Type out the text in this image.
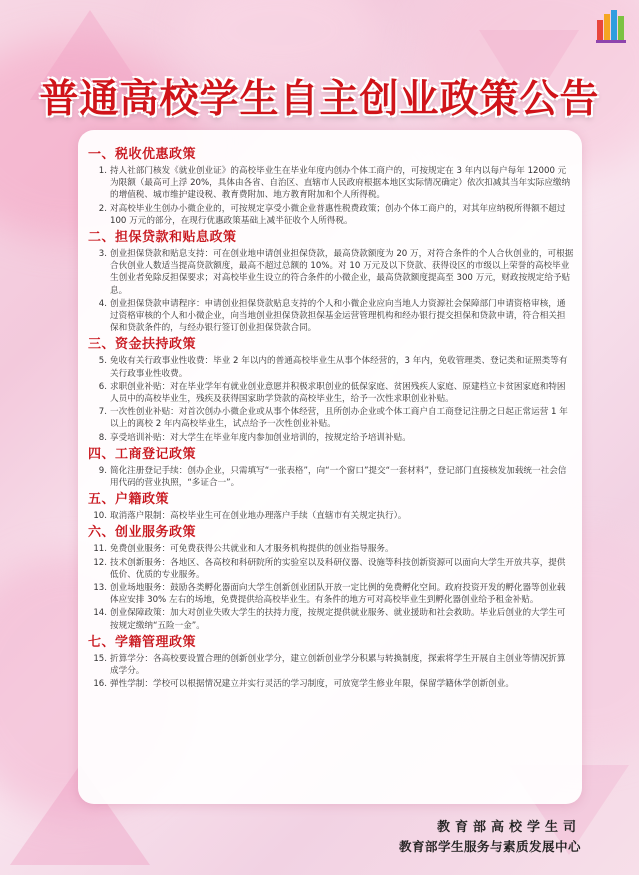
普通高校学生自主创业政策公告
一、税收优惠政策
1. 持人社部门核发《就业创业证》的高校毕业生在毕业年度内创办个体工商户的，可按规定在 3 年内以每户每年 12000 元为限额（最高可上浮 20%，具体由各省、自治区、直辖市人民政府根据本地区实际情况确定）依次扣减其当年实际应缴纳的增值税、城市维护建设税、教育费附加、地方教育附加和个人所得税。
2. 对高校毕业生创办小微企业的，可按规定享受小微企业普惠性税费政策；创办个体工商户的，对其年应纳税所得额不超过 100 万元的部分，在现行优惠政策基础上减半征收个人所得税。
二、担保贷款和贴息政策
3. 创业担保贷款和贴息支持：可在创业地申请创业担保贷款，最高贷款额度为 20 万，对符合条件的个人合伙创业的，可根据合伙创业人数适当提高贷款额度，最高不超过总额的 10%。对 10 万元及以下贷款、获得设区的市级以上荣誉的高校毕业生创业者免除反担保要求；对高校毕业生设立的符合条件的小微企业，最高贷款额度提高至 300 万元，财政按规定给予贴息。
4. 创业担保贷款申请程序：申请创业担保贷款贴息支持的个人和小微企业应向当地人力资源社会保障部门申请资格审核，通过资格审核的个人和小微企业，向当地创业担保贷款担保基金运营管理机构和经办银行提交担保和贷款申请，符合相关担保和贷款条件的，与经办银行签订创业担保贷款合同。
三、资金扶持政策
5. 免收有关行政事业性收费：毕业 2 年以内的普通高校毕业生从事个体经营的，3 年内，免收管理类、登记类和证照类等有关行政事业性收费。
6. 求职创业补贴：对在毕业学年有就业创业意愿并积极求职创业的低保家庭、贫困残疾人家庭、原建档立卡贫困家庭和特困人员中的高校毕业生，残疾及获得国家助学贷款的高校毕业生，给予一次性求职创业补贴。
7. 一次性创业补贴：对首次创办小微企业或从事个体经营，且所创办企业或个体工商户自工商登记注册之日起正常运营 1 年以上的离校 2 年内高校毕业生，试点给予一次性创业补贴。
8. 享受培训补贴：对大学生在毕业年度内参加创业培训的，按规定给予培训补贴。
四、工商登记政策
9. 简化注册登记手续：创办企业，只需填写“一张表格”，向“一个窗口”提交“一套材料”，登记部门直接核发加载统一社会信用代码的营业执照，“多证合一”。
五、户籍政策
10. 取消落户限制：高校毕业生可在创业地办理落户手续（直辖市有关规定执行）。
六、创业服务政策
11. 免费创业服务：可免费获得公共就业和人才服务机构提供的创业指导服务。
12. 技术创新服务：各地区、各高校和科研院所的实验室以及科研仪器、设施等科技创新资源可以面向大学生开放共享，提供低价、优质的专业服务。
13. 创业场地服务：鼓励各类孵化器面向大学生创新创业团队开放一定比例的免费孵化空间。政府投资开发的孵化器等创业载体应安排 30% 左右的场地，免费提供给高校毕业生。有条件的地方可对高校毕业生到孵化器创业给予租金补贴。
14. 创业保障政策：加大对创业失败大学生的扶持力度，按规定提供就业服务、就业援助和社会救助。毕业后创业的大学生可按规定缴纳“五险一金”。
七、学籍管理政策
15. 折算学分：各高校要设置合理的创新创业学分，建立创新创业学分积累与转换制度，探索将学生开展自主创业等情况折算成学分。
16. 弹性学制：学校可以根据情况建立并实行灵活的学习制度，可放宽学生修业年限，保留学籍休学创新创业。
教育部高校学生司
教育部学生服务与素质发展中心
